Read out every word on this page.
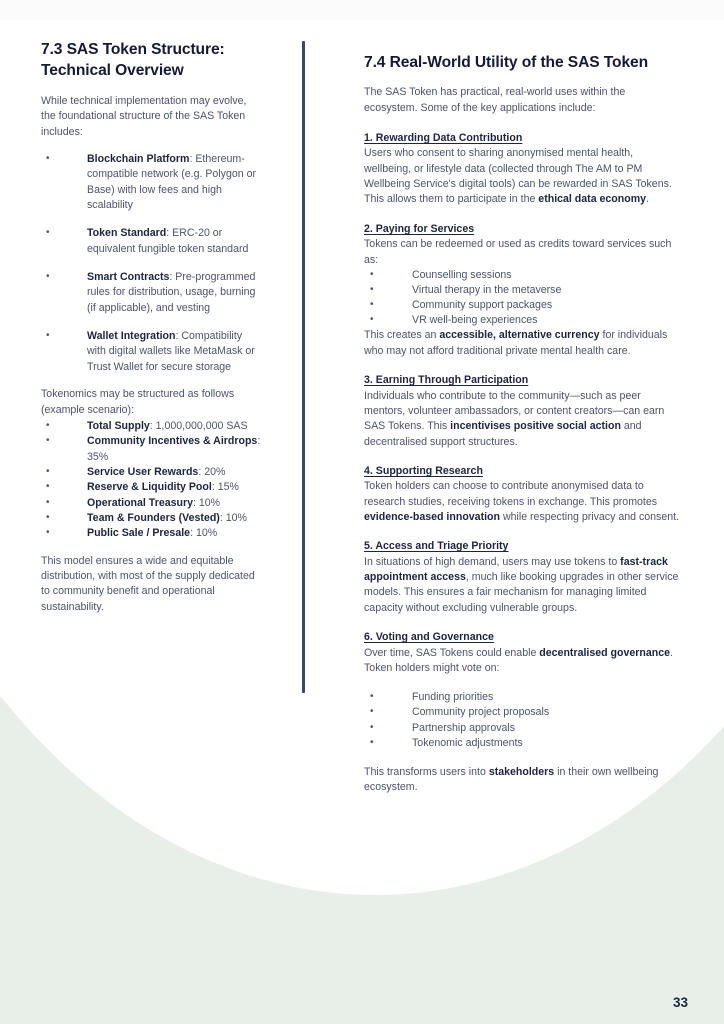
7.3 SAS Token Structure: Technical Overview

While technical implementation may evolve, the foundational structure of the SAS Token includes:

• Blockchain Platform: Ethereum-compatible network (e.g. Polygon or Base) with low fees and high scalability
• Token Standard: ERC-20 or equivalent fungible token standard
• Smart Contracts: Pre-programmed rules for distribution, usage, burning (if applicable), and vesting
• Wallet Integration: Compatibility with digital wallets like MetaMask or Trust Wallet for secure storage

Tokenomics may be structured as follows (example scenario):

• Total Supply: 1,000,000,000 SAS
• Community Incentives & Airdrops: 35%
• Service User Rewards: 20%
• Reserve & Liquidity Pool: 15%
• Operational Treasury: 10%
• Team & Founders (Vested): 10%
• Public Sale / Presale: 10%

This model ensures a wide and equitable distribution, with most of the supply dedicated to community benefit and operational sustainability.

7.4 Real-World Utility of the SAS Token

The SAS Token has practical, real-world uses within the ecosystem. Some of the key applications include:

1. Rewarding Data Contribution

Users who consent to sharing anonymised mental health, wellbeing, or lifestyle data (collected through The AM to PM Wellbeing Service's digital tools) can be rewarded in SAS Tokens. This allows them to participate in the ethical data economy.

2. Paying for Services

Tokens can be redeemed or used as credits toward services such as:

• Counselling sessions
• Virtual therapy in the metaverse
• Community support packages
• VR well-being experiences

This creates an accessible, alternative currency for individuals who may not afford traditional private mental health care.

3. Earning Through Participation

Individuals who contribute to the community—such as peer mentors, volunteer ambassadors, or content creators—can earn SAS Tokens. This incentivises positive social action and decentralised support structures.

4. Supporting Research

Token holders can choose to contribute anonymised data to research studies, receiving tokens in exchange. This promotes evidence-based innovation while respecting privacy and consent.

5. Access and Triage Priority

In situations of high demand, users may use tokens to fast-track appointment access, much like booking upgrades in other service models. This ensures a fair mechanism for managing limited capacity without excluding vulnerable groups.

6. Voting and Governance

Over time, SAS Tokens could enable decentralised governance. Token holders might vote on:

• Funding priorities
• Community project proposals
• Partnership approvals
• Tokenomic adjustments

This transforms users into stakeholders in their own wellbeing ecosystem.

33
